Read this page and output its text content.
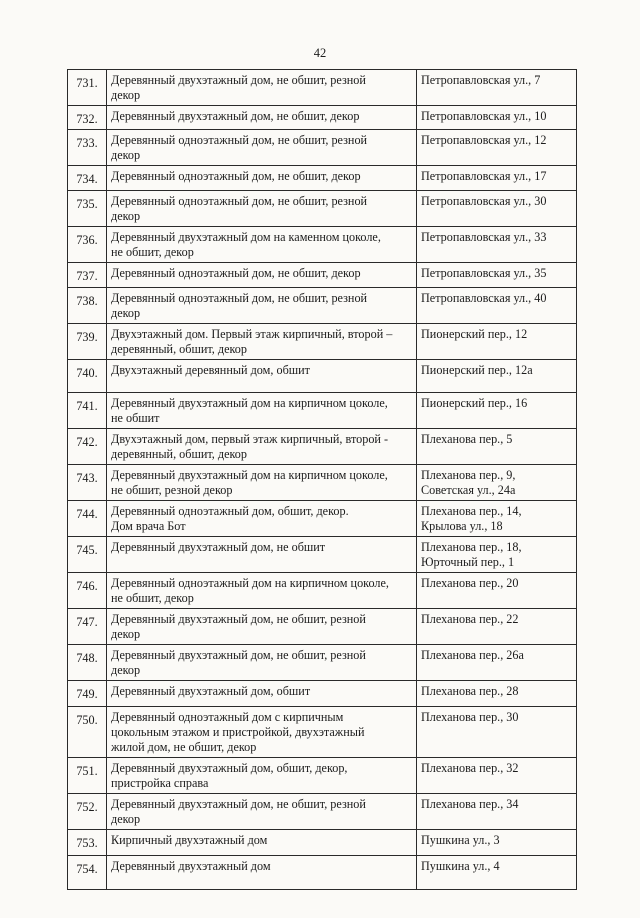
42
731.	Деревянный двухэтажный дом, не обшит, резной
декор	Петропавловская ул., 7

732.	Деревянный двухэтажный дом, не обшит, декор	Петропавловская ул., 10

733.	Деревянный одноэтажный дом, не обшит, резной
декор	Петропавловская ул., 12

734.	Деревянный одноэтажный дом, не обшит, декор	Петропавловская ул., 17

735.	Деревянный одноэтажный дом, не обшит, резной
декор	Петропавловская ул., 30

736.	Деревянный двухэтажный дом на каменном цоколе,
не обшит, декор	Петропавловская ул., 33

737.	Деревянный одноэтажный дом, не обшит, декор	Петропавловская ул., 35

738.	Деревянный одноэтажный дом, не обшит, резной
декор	Петропавловская ул., 40

739.	Двухэтажный дом. Первый этаж кирпичный, второй –
деревянный, обшит, декор	Пионерский пер., 12

740.	Двухэтажный деревянный дом, обшит	Пионерский пер., 12а

741.	Деревянный двухэтажный дом на кирпичном цоколе,
не обшит	Пионерский пер., 16

742.	Двухэтажный дом, первый этаж кирпичный, второй -
деревянный, обшит, декор	Плеханова пер., 5

743.	Деревянный двухэтажный дом на кирпичном цоколе,
не обшит, резной декор	Плеханова пер., 9,
Советская ул., 24а

744.	Деревянный одноэтажный дом, обшит, декор.
Дом врача Бот	Плеханова пер., 14,
Крылова ул., 18

745.	Деревянный двухэтажный дом, не обшит	Плеханова пер., 18,
Юрточный пер., 1

746.	Деревянный одноэтажный дом на кирпичном цоколе,
не обшит, декор	Плеханова пер., 20

747.	Деревянный двухэтажный дом, не обшит, резной
декор	Плеханова пер., 22

748.	Деревянный двухэтажный дом, не обшит, резной
декор	Плеханова пер., 26а

749.	Деревянный двухэтажный дом, обшит	Плеханова пер., 28

750.	Деревянный одноэтажный дом с кирпичным
цокольным этажом и пристройкой, двухэтажный
жилой дом, не обшит, декор	Плеханова пер., 30

751.	Деревянный двухэтажный дом, обшит, декор,
пристройка справа	Плеханова пер., 32

752.	Деревянный двухэтажный дом, не обшит, резной
декор	Плеханова пер., 34

753.	Кирпичный двухэтажный дом	Пушкина ул., 3

754.	Деревянный двухэтажный дом	Пушкина ул., 4
